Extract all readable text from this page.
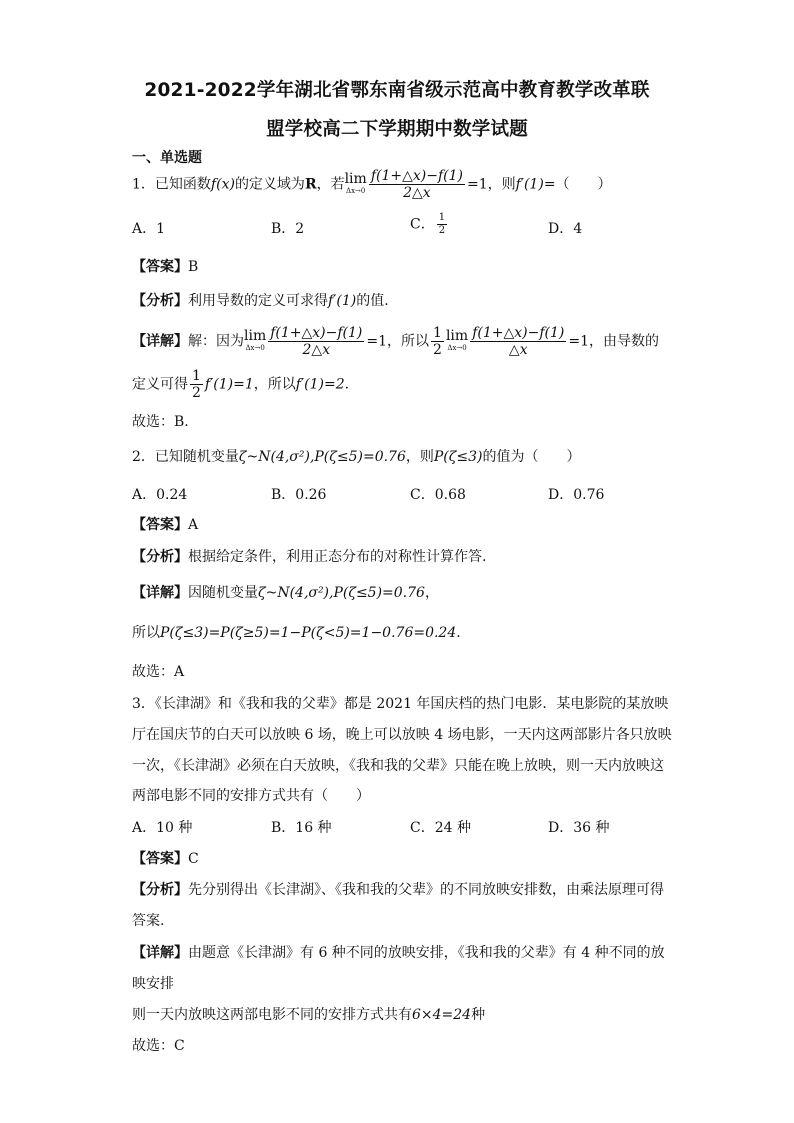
2021-2022学年湖北省鄂东南省级示范高中教育教学改革联
盟学校高二下学期期中数学试题
一、单选题
1．已知函数f(x)的定义域为R，若lim
$\Delta x\to 0 \frac{f(1+\triangle x)-f(1)}{2\triangle x} =1$，则f′(1)=（　　）
A．1	B．2	C． $\frac{1}{2}$	D．4
【答案】B
【分析】利用导数的定义可求得f′(1)的值.
【详解】解：因为lim
$\Delta x\to 0 \frac{f(1+\triangle x)-f(1)}{2\triangle x} =1$，所以 $\frac{1}{2}$ lim
$\Delta x\to 0 \frac{f(1+\triangle x)-f(1)}{\triangle x} =1$，由导数的
定义可得 $\frac{1}{2} f'(1)=1$，所以f′(1)=2.
故选：B.
2．已知随机变量ζ~N(4,σ²),P(ζ≤5)=0.76，则P(ζ≤3)的值为（　　）
A．0.24	B．0.26	C．0.68	D．0.76
【答案】A
【分析】根据给定条件，利用正态分布的对称性计算作答.
【详解】因随机变量ζ~N(4,σ²),P(ζ≤5)=0.76，
所以P(ζ≤3)=P(ζ≥5)=1−P(ζ<5)=1−0.76=0.24.
故选：A
3．《长津湖》和《我和我的父辈》都是 2021 年国庆档的热门电影．某电影院的某放映
厅在国庆节的白天可以放映 6 场，晚上可以放映 4 场电影，一天内这两部影片各只放映
一次，《长津湖》必须在白天放映，《我和我的父辈》只能在晚上放映，则一天内放映这
两部电影不同的安排方式共有（　　）
A．10 种	B．16 种	C．24 种	D．36 种
【答案】C
【分析】先分别得出《长津湖》、《我和我的父辈》的不同放映安排数，由乘法原理可得
答案.
【详解】由题意《长津湖》有 6 种不同的放映安排，《我和我的父辈》有 4 种不同的放
映安排
则一天内放映这两部电影不同的安排方式共有6×4=24种
故选：C
